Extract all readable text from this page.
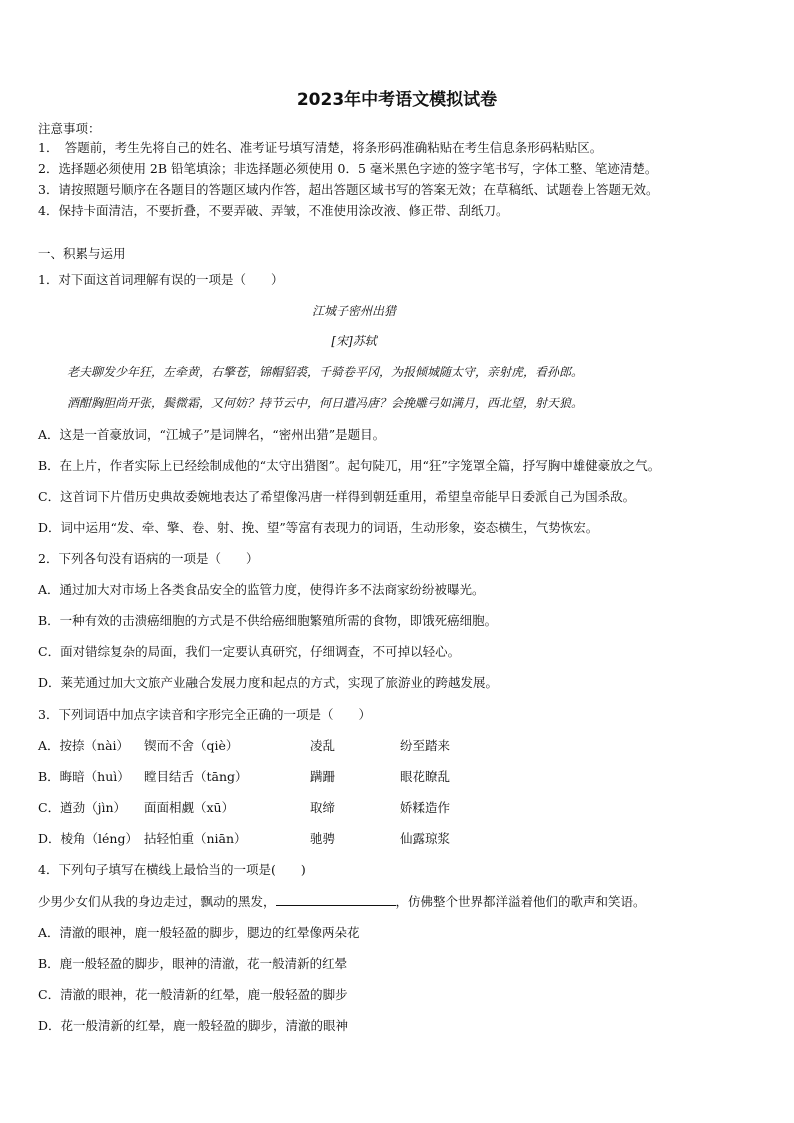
2023年中考语文模拟试卷
注意事项：
1．　答题前，考生先将自己的姓名、准考证号填写清楚，将条形码准确粘贴在考生信息条形码粘贴区。
2．选择题必须使用 2B 铅笔填涂；非选择题必须使用 0．5 毫米黑色字迹的签字笔书写，字体工整、笔迹清楚。
3．请按照题号顺序在各题目的答题区域内作答，超出答题区域书写的答案无效；在草稿纸、试题卷上答题无效。
4．保持卡面清洁，不要折叠，不要弄破、弄皱，不准使用涂改液、修正带、刮纸刀。
一、积累与运用
1．对下面这首词理解有误的一项是（　　）
江城子密州出猎
[宋]苏轼
老夫聊发少年狂，左牵黄，右擎苍，锦帽貂裘，千骑卷平冈，为报倾城随太守，亲射虎，看孙郎。
酒酣胸胆尚开张，鬓微霜，又何妨？持节云中，何日遣冯唐？会挽雕弓如满月，西北望，射天狼。
A．这是一首豪放词，“江城子”是词牌名，“密州出猎”是题目。
B．在上片，作者实际上已经绘制成他的“太守出猎图”。起句陡兀，用“狂”字笼罩全篇，抒写胸中雄健豪放之气。
C．这首词下片借历史典故委婉地表达了希望像冯唐一样得到朝廷重用，希望皇帝能早日委派自己为国杀敌。
D．词中运用“发、牵、擎、卷、射、挽、望”等富有表现力的词语，生动形象，姿态横生，气势恢宏。
2．下列各句没有语病的一项是（　　）
A．通过加大对市场上各类食品安全的监管力度，使得许多不法商家纷纷被曝光。
B．一种有效的击溃癌细胞的方式是不供给癌细胞繁殖所需的食物，即饿死癌细胞。
C．面对错综复杂的局面，我们一定要认真研究，仔细调查，不可掉以轻心。
D．莱芜通过加大文旅产业融合发展力度和起点的方式，实现了旅游业的跨越发展。
3．下列词语中加点字读音和字形完全正确的一项是（　　）
A．按捺（nài） 锲而不舍（qiè）	凌乱	纷至踏来
B．晦暗（huì） 瞠目结舌（tāng）	蹒跚	眼花瞭乱
C．遒劲（jìn） 面面相觑（xū）	取缔	娇糅造作
D．棱角（léng） 拈轻怕重（niān）	驰骋	仙露琼浆
4．下列句子填写在横线上最恰当的一项是(　　)
少男少女们从我的身边走过，飘动的黑发，	，仿佛整个世界都洋溢着他们的歌声和笑语。
A．清澈的眼神，鹿一般轻盈的脚步，腮边的红晕像两朵花
B．鹿一般轻盈的脚步，眼神的清澈，花一般清新的红晕
C．清澈的眼神，花一般清新的红晕，鹿一般轻盈的脚步
D．花一般清新的红晕，鹿一般轻盈的脚步，清澈的眼神
